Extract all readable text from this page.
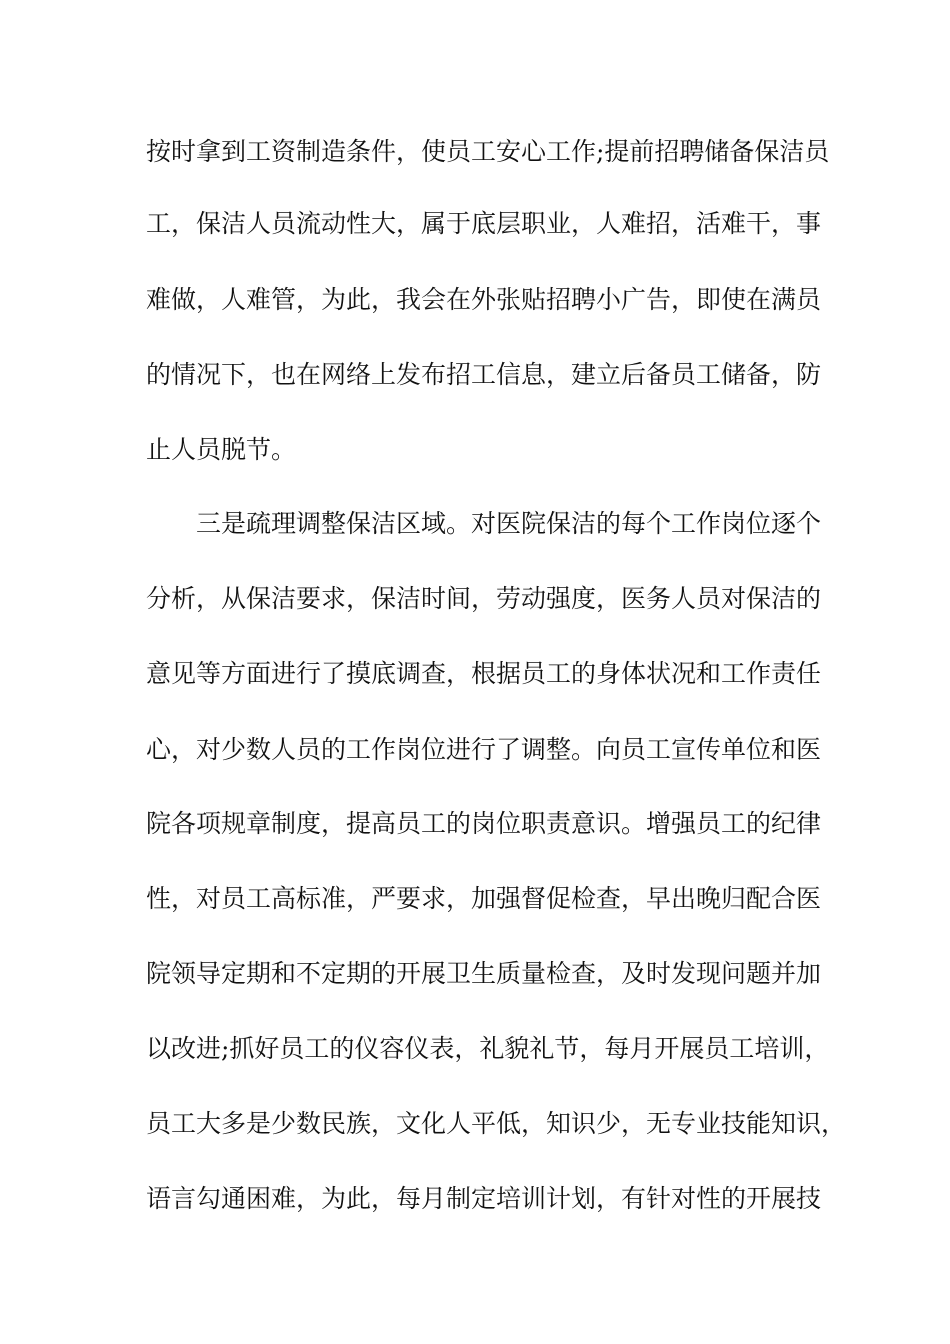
按时拿到工资制造条件，使员工安心工作;提前招聘储备保洁员
工，保洁人员流动性大，属于底层职业，人难招，活难干，事
难做，人难管，为此，我会在外张贴招聘小广告，即使在满员
的情况下，也在网络上发布招工信息，建立后备员工储备，防
止人员脱节。
三是疏理调整保洁区域。对医院保洁的每个工作岗位逐个
分析，从保洁要求，保洁时间，劳动强度，医务人员对保洁的
意见等方面进行了摸底调查，根据员工的身体状况和工作责任
心，对少数人员的工作岗位进行了调整。向员工宣传单位和医
院各项规章制度，提高员工的岗位职责意识。增强员工的纪律
性，对员工高标准，严要求，加强督促检查，早出晚归配合医
院领导定期和不定期的开展卫生质量检查，及时发现问题并加
以改进;抓好员工的仪容仪表，礼貌礼节，每月开展员工培训，
员工大多是少数民族，文化人平低，知识少，无专业技能知识，
语言勾通困难，为此，每月制定培训计划，有针对性的开展技
